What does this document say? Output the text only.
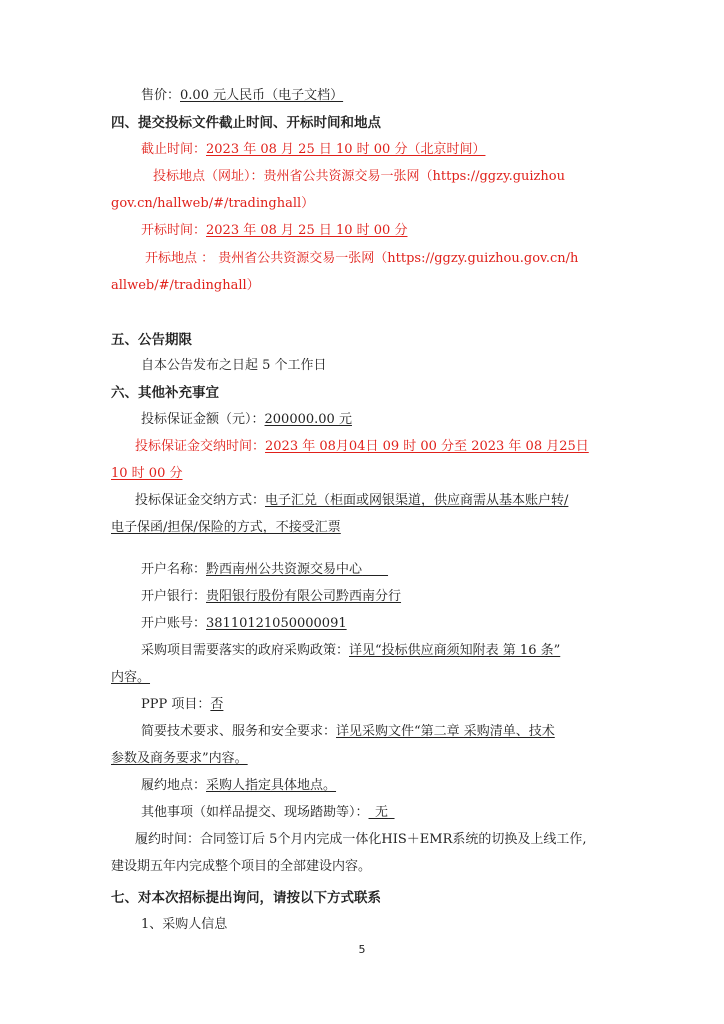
售价：0.00 元人民币（电子文档）
四、提交投标文件截止时间、开标时间和地点
截止时间：2023 年 08 月 25 日 10 时 00 分（北京时间）
投标地点（网址）：贵州省公共资源交易一张网（https://ggzy.guizhou
gov.cn/hallweb/#/tradinghall）
开标时间：2023 年 08 月 25 日 10 时 00 分
开标地点 ： 贵州省公共资源交易一张网（https://ggzy.guizhou.gov.cn/h
allweb/#/tradinghall）
五、公告期限
自本公告发布之日起 5 个工作日
六、其他补充事宜
投标保证金额（元）：200000.00 元
投标保证金交纳时间：2023 年 08月04日 09 时 00 分至 2023 年 08 月25日
10 时 00 分
投标保证金交纳方式：电子汇兑（柜面或网银渠道，供应商需从基本账户转/
电子保函/担保/保险的方式，不接受汇票
开户名称：黔西南州公共资源交易中心  
开户银行：贵阳银行股份有限公司黔西南分行
开户账号：38110121050000091
采购项目需要落实的政府采购政策：详见“投标供应商须知附表 第 16 条”
内容。
PPP 项目：否
简要技术要求、服务和安全要求：详见采购文件“第二章 采购清单、技术
参数及商务要求”内容。
履约地点：采购人指定具体地点。
其他事项（如样品提交、现场踏勘等）：  无 
履约时间：合同签订后 5个月内完成一体化HIS＋EMR系统的切换及上线工作,
建设期五年内完成整个项目的全部建设内容。
七、对本次招标提出询问，请按以下方式联系
1、采购人信息
5
